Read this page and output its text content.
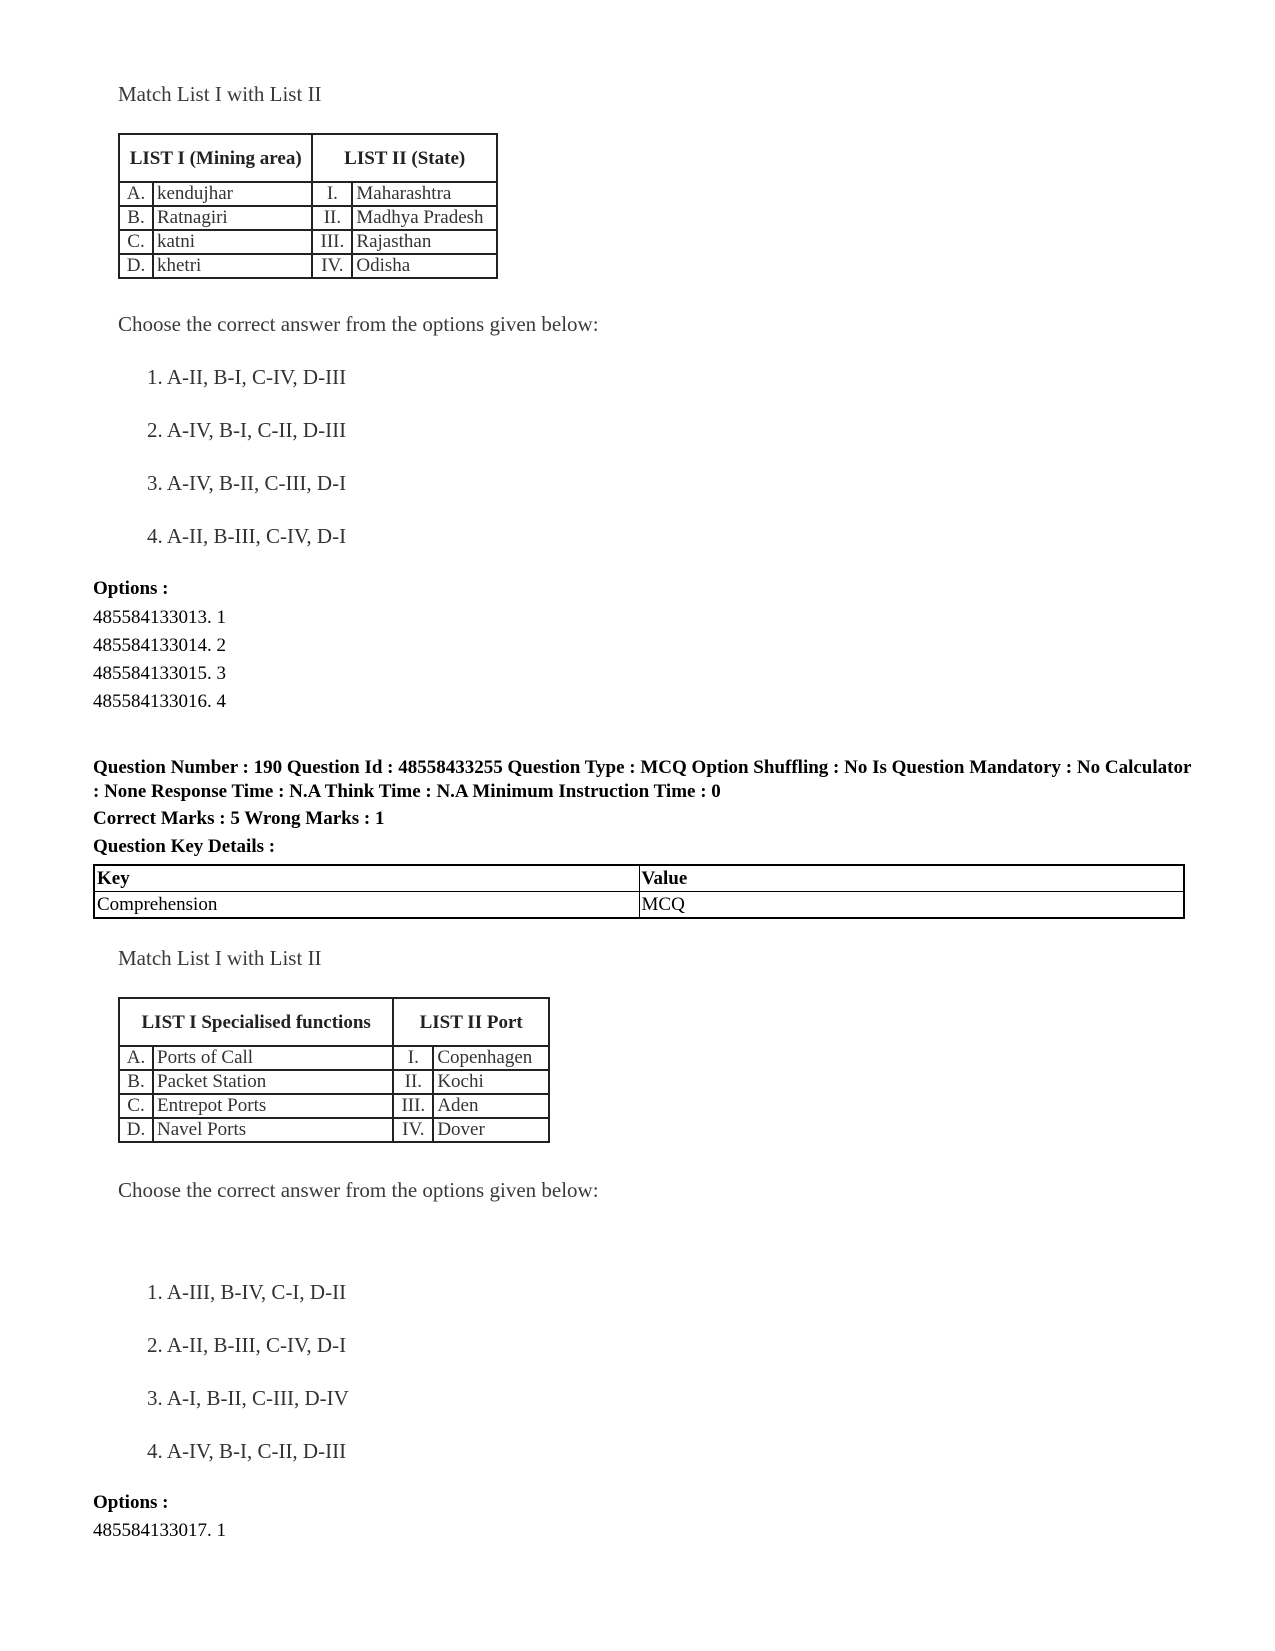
Match List I with List II
LIST I (Mining area)		LIST II (State)	
A.	kendujhar	I.	Maharashtra
B.	Ratnagiri	II.	Madhya Pradesh
C.	katni	III.	Rajasthan
D.	khetri	IV.	Odisha
Choose the correct answer from the options given below:
1. A-II, B-I, C-IV, D-III
2. A-IV, B-I, C-II, D-III
3. A-IV, B-II, C-III, D-I
4. A-II, B-III, C-IV, D-I
Options :
485584133013. 1
485584133014. 2
485584133015. 3
485584133016. 4
Question Number : 190 Question Id : 48558433255 Question Type : MCQ Option Shuffling : No Is Question Mandatory : No Calculator : None Response Time : N.A Think Time : N.A Minimum Instruction Time : 0
Correct Marks : 5 Wrong Marks : 1
Question Key Details :
Key	Value
Comprehension	MCQ
Match List I with List II
LIST I Specialised functions		LIST II Port	
A.	Ports of Call	I.	Copenhagen
B.	Packet Station	II.	Kochi
C.	Entrepot Ports	III.	Aden
D.	Navel Ports	IV.	Dover
Choose the correct answer from the options given below:
1. A-III, B-IV, C-I, D-II
2. A-II, B-III, C-IV, D-I
3. A-I, B-II, C-III, D-IV
4. A-IV, B-I, C-II, D-III
Options :
485584133017. 1
